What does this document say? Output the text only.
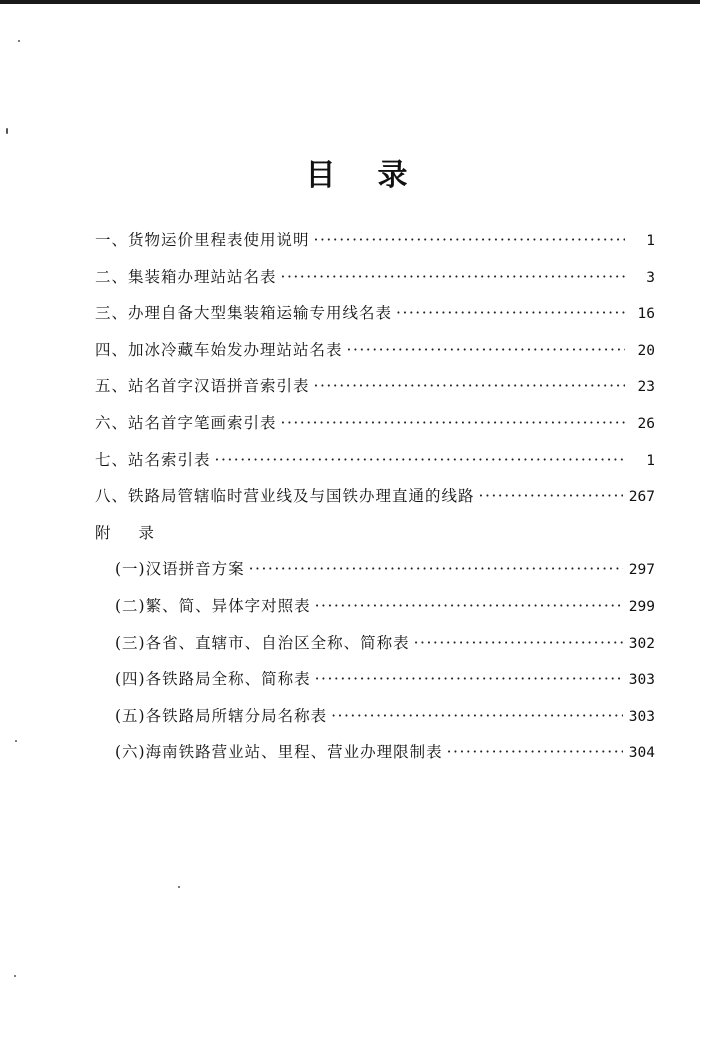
目录
一、货物运价里程表使用说明 ·····	1
二、集装箱办理站站名表 ·····	3
三、办理自备大型集装箱运输专用线名表 ·····	16
四、加冰冷藏车始发办理站站名表 ·····	20
五、站名首字汉语拼音索引表 ·····	23
六、站名首字笔画索引表 ·····	26
七、站名索引表 ·····	1
八、铁路局管辖临时营业线及与国铁办理直通的线路 ·····	267
附录
(一)汉语拼音方案 ·····	297
(二)繁、简、异体字对照表 ·····	299
(三)各省、直辖市、自治区全称、简称表 ·····	302
(四)各铁路局全称、简称表 ·····	303
(五)各铁路局所辖分局名称表 ·····	303
(六)海南铁路营业站、里程、营业办理限制表 ·····	304
